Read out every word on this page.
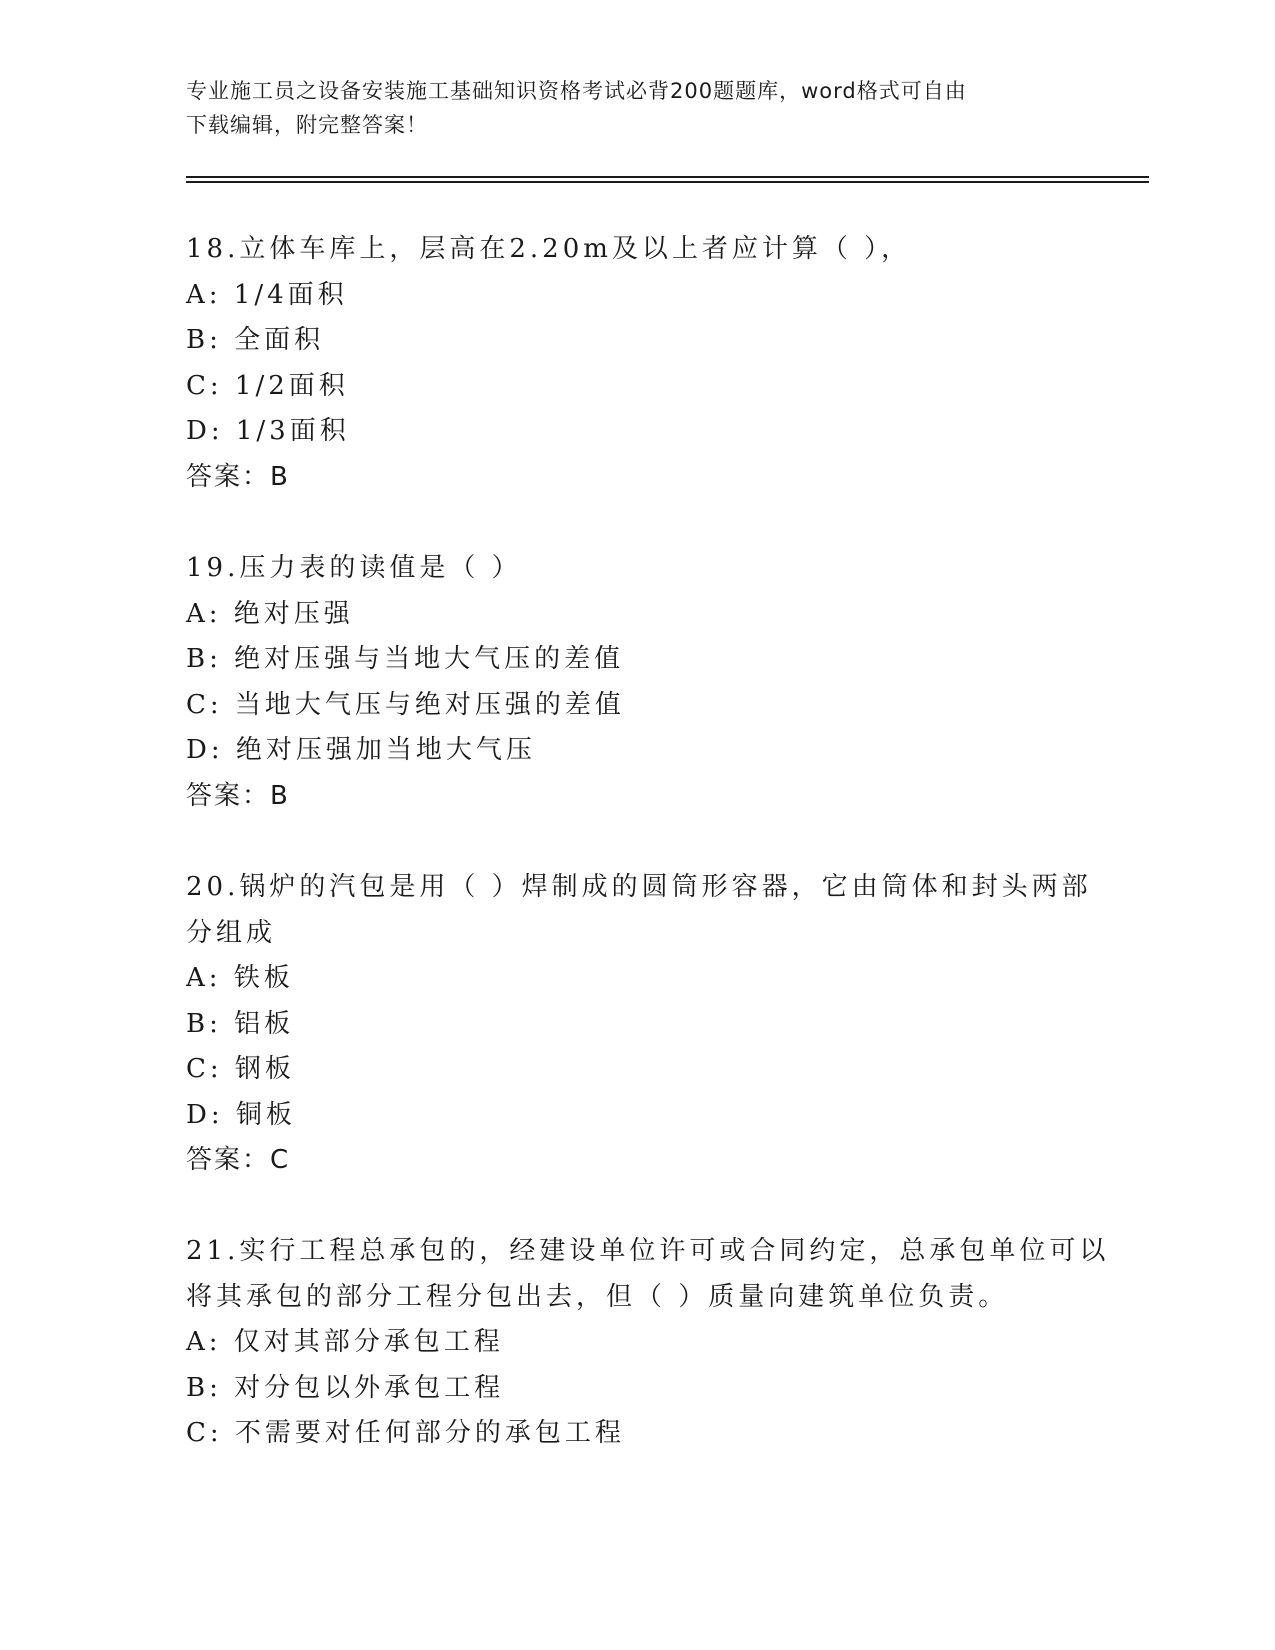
专业施工员之设备安装施工基础知识资格考试必背200题题库，word格式可自由
下载编辑，附完整答案！
18.立体车库上，层高在2.20m及以上者应计算（ ），
A: 1/4面积
B: 全面积
C: 1/2面积
D: 1/3面积
答案：B
19.压力表的读值是（ ）
A: 绝对压强
B: 绝对压强与当地大气压的差值
C: 当地大气压与绝对压强的差值
D: 绝对压强加当地大气压
答案：B
20.锅炉的汽包是用（ ）焊制成的圆筒形容器，它由筒体和封头两部
分组成
A: 铁板
B: 铝板
C: 钢板
D: 铜板
答案：C
21.实行工程总承包的，经建设单位许可或合同约定，总承包单位可以
将其承包的部分工程分包出去，但（ ）质量向建筑单位负责。
A: 仅对其部分承包工程
B: 对分包以外承包工程
C: 不需要对任何部分的承包工程
